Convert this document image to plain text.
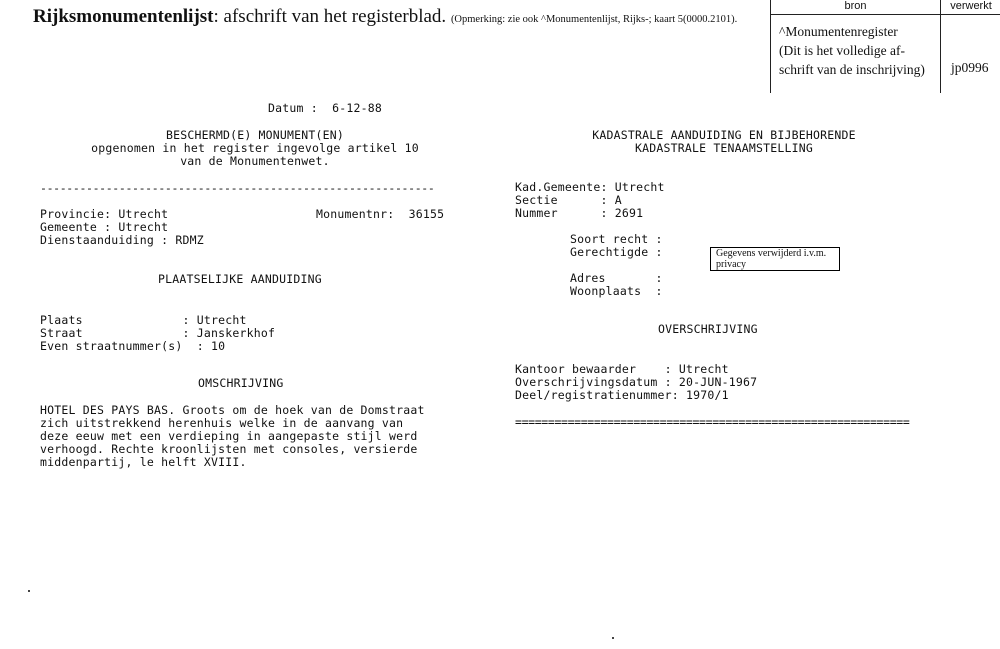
Rijksmonumentenlijst: afschrift van het registerblad. (Opmerking: zie ook ^Monumentenlijst, Rijks-; kaart 5(0000.2101).
bron	verwerkt
^Monumentenregister
(Dit is het volledige af-
schrift van de inschrijving)	jp0996
Datum :  6-12-88
BESCHERMD(E) MONUMENT(EN)
opgenomen in het register ingevolge artikel 10
van de Monumentenwet.
------------------------------------------------------------
Provincie: Utrecht	Monumentnr:  36155
Gemeente : Utrecht
Dienstaanduiding : RDMZ
PLAATSELIJKE AANDUIDING
Plaats              : Utrecht
Straat              : Janskerkhof
Even straatnummer(s)  : 10
OMSCHRIJVING
HOTEL DES PAYS BAS. Groots om de hoek van de Domstraat
zich uitstrekkend herenhuis welke in de aanvang van
deze eeuw met een verdieping in aangepaste stijl werd
verhoogd. Rechte kroonlijsten met consoles, versierde
middenpartij, le helft XVIII.
KADASTRALE AANDUIDING EN BIJBEHORENDE
KADASTRALE TENAAMSTELLING
Kad.Gemeente: Utrecht
Sectie      : A
Nummer      : 2691
Soort recht :
Gerechtigde :	Gegevens verwijderd i.v.m. privacy
Adres       :
Woonplaats  :
OVERSCHRIJVING
Kantoor bewaarder    : Utrecht
Overschrijvingsdatum : 20-JUN-1967
Deel/registratienummer: 1970/1
============================================================
